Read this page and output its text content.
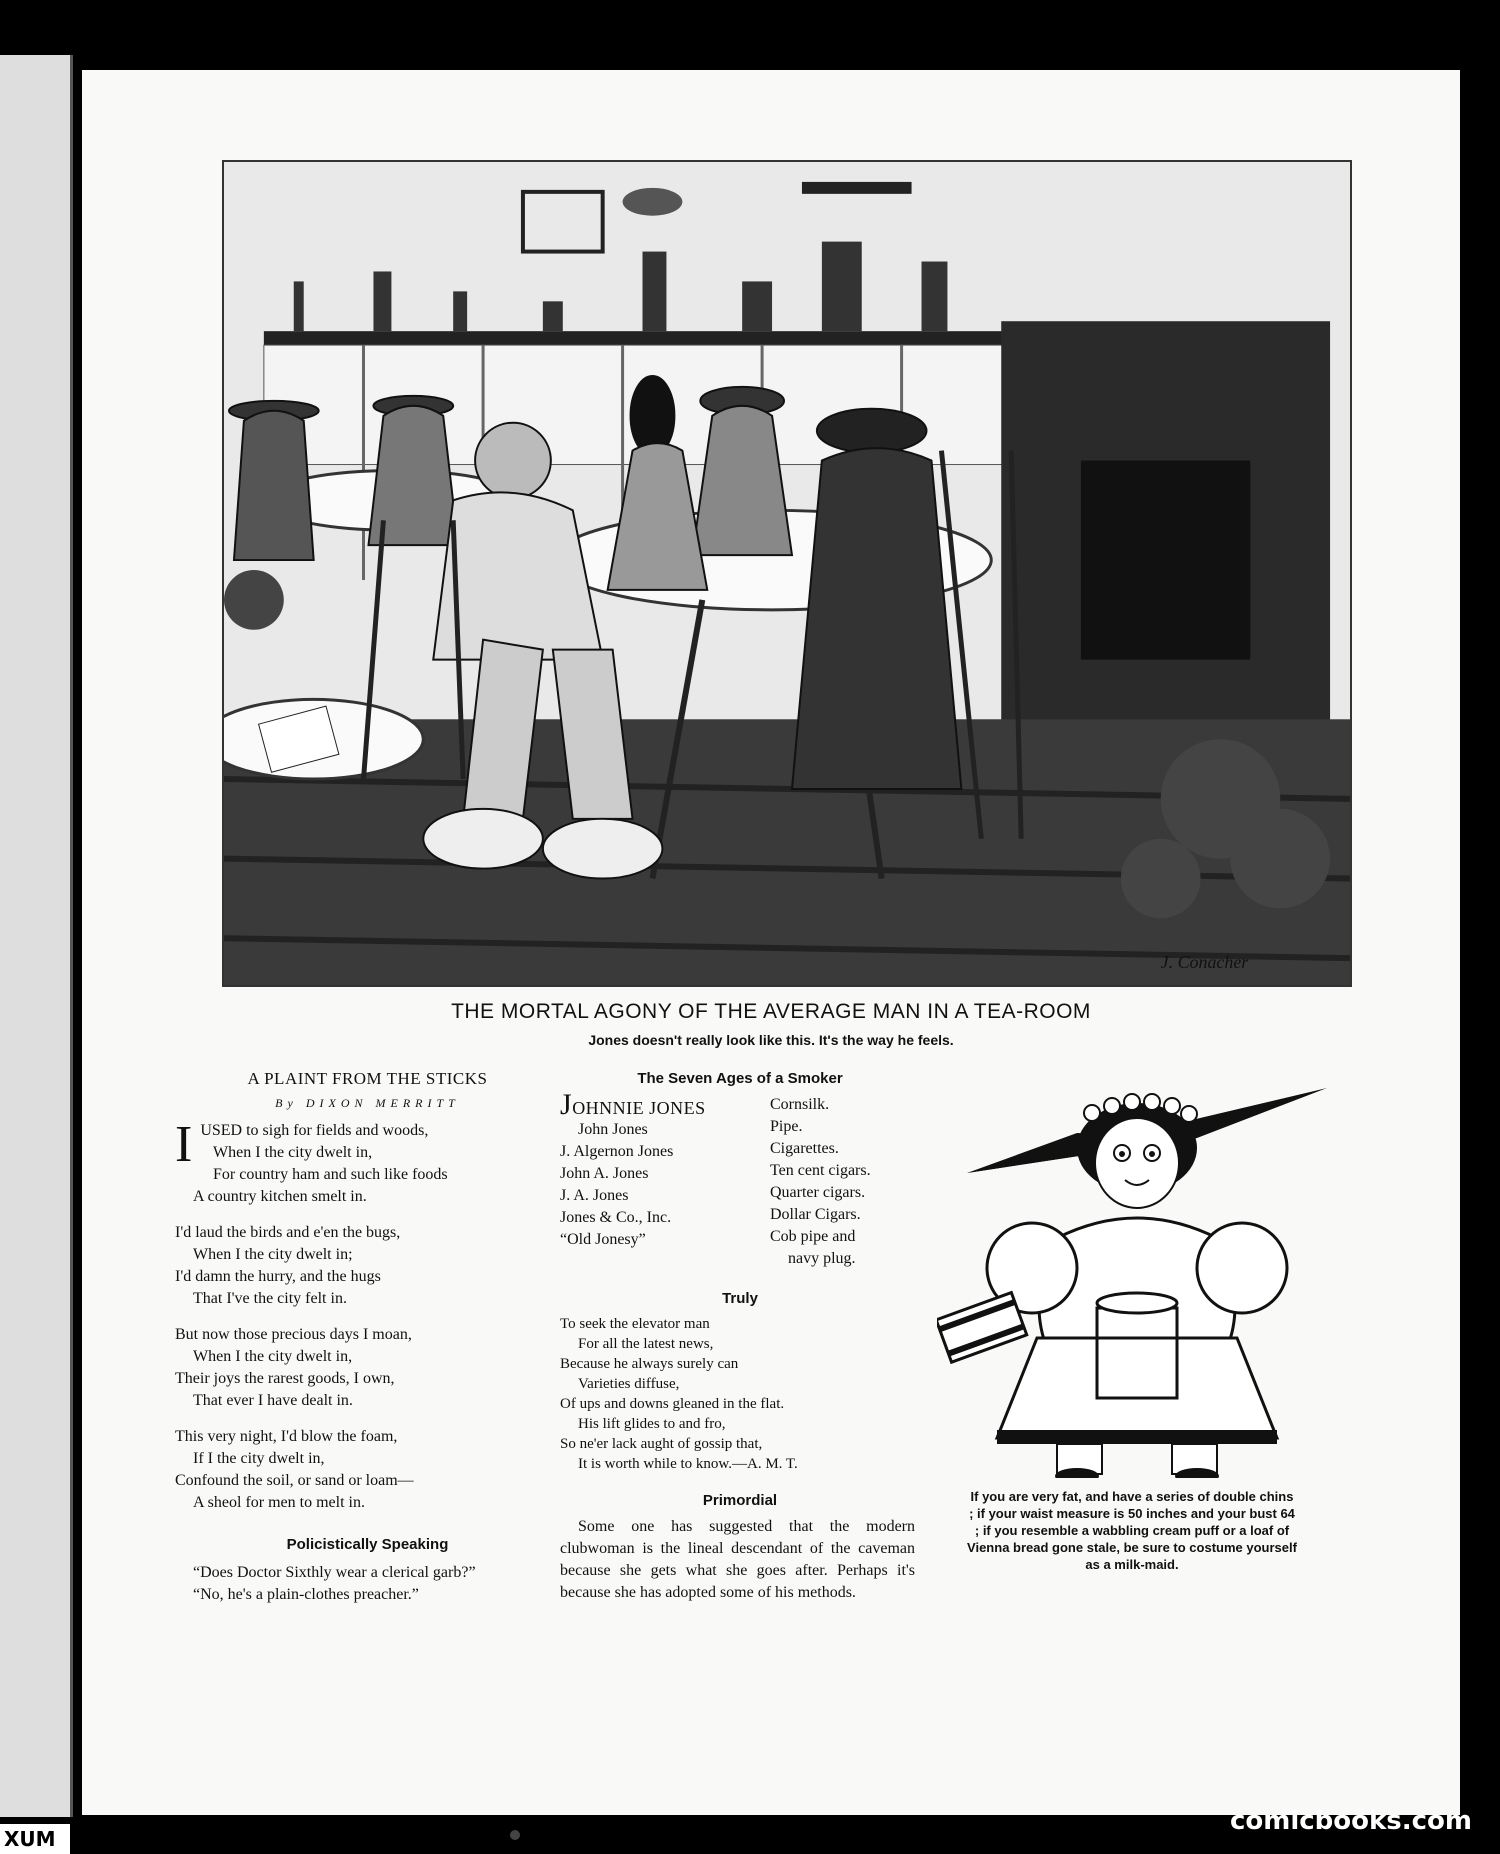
J. Conacher
THE MORTAL AGONY OF THE AVERAGE MAN IN A TEA-ROOM
Jones doesn't really look like this. It's the way he feels.
A PLAINT FROM THE STICKS
By DIXON MERRITT
I USED to sigh for fields and woods,
When I the city dwelt in,
For country ham and such like foods
A country kitchen smelt in.
I'd laud the birds and e'en the bugs,
When I the city dwelt in;
I'd damn the hurry, and the hugs
That I've the city felt in.
But now those precious days I moan,
When I the city dwelt in,
Their joys the rarest goods, I own,
That ever I have dealt in.
This very night, I'd blow the foam,
If I the city dwelt in,
Confound the soil, or sand or loam—
A sheol for men to melt in.
Policistically Speaking
“Does Doctor Sixthly wear a clerical garb?”
“No, he's a plain-clothes preacher.”
The Seven Ages of a Smoker
JOHNNIE JONES
John Jones
J. Algernon Jones
John A. Jones
J. A. Jones
Jones & Co., Inc.
“Old Jonesy”
Cornsilk.
Pipe.
Cigarettes.
Ten cent cigars.
Quarter cigars.
Dollar Cigars.
Cob pipe and
navy plug.
Truly
To seek the elevator man
For all the latest news,
Because he always surely can
Varieties diffuse,
Of ups and downs gleaned in the flat.
His lift glides to and fro,
So ne'er lack aught of gossip that,
It is worth while to know.—A. M. T.
Primordial
Some one has suggested that the modern clubwoman is the lineal descendant of the caveman because she gets what she goes after. Perhaps it's because she has adopted some of his methods.
If you are very fat, and have a series of double chins ; if your waist measure is 50 inches and your bust 64 ; if you resemble a wabbling cream puff or a loaf of Vienna bread gone stale, be sure to costume yourself as a milk-maid.
comicbooks.com
XUM
